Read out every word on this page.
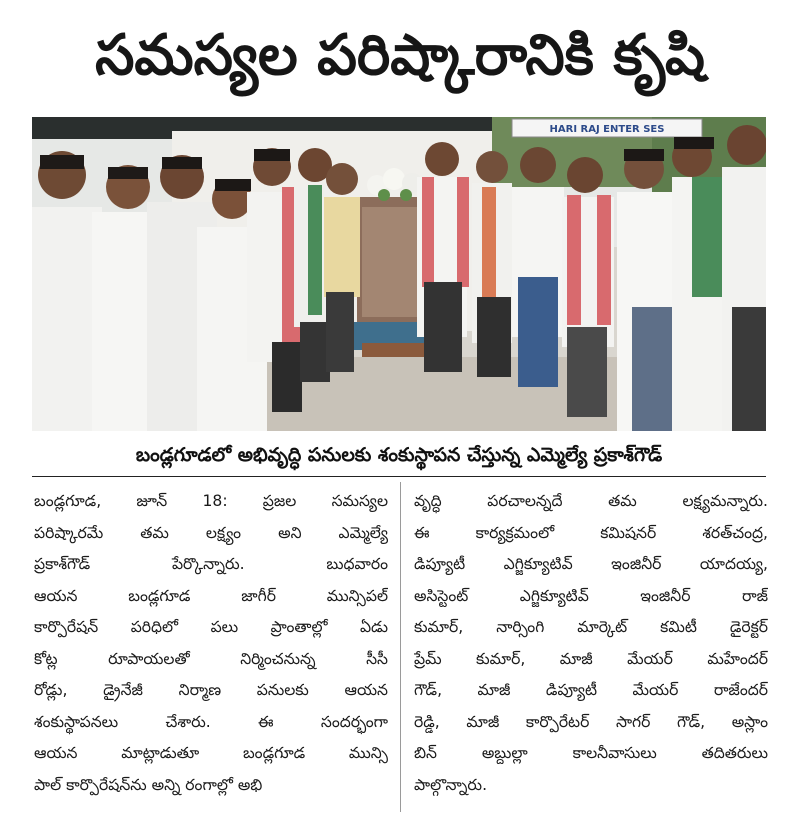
సమస్యల పరిష్కారానికి కృషి
HARI RAJ ENTER SES
బండ్లగూడలో అభివృద్ధి పనులకు శంకుస్థాపన చేస్తున్న ఎమ్మెల్యే ప్రకాశ్‌గౌడ్
బండ్లగూడ, జూన్ 18: ప్రజల సమస్యల
పరిష్కారమే తమ లక్ష్యం అని ఎమ్మెల్యే
ప్రకాశ్‌గౌడ్ పేర్కొన్నారు. బుధవారం
ఆయన బండ్లగూడ జాగీర్ మున్సిపల్
కార్పొరేషన్ పరిధిలో పలు ప్రాంతాల్లో ఏడు
కోట్ల రూపాయలతో నిర్మించనున్న సీసీ
రోడ్లు, డ్రైనేజీ నిర్మాణ పనులకు ఆయన
శంకుస్థాపనలు చేశారు. ఈ సందర్భంగా
ఆయన మాట్లాడుతూ బండ్లగూడ మున్సి
పాల్ కార్పొరేషన్‌ను అన్ని రంగాల్లో అభి
వృద్ధి పరచాలన్నదే తమ లక్ష్యమన్నారు.
ఈ కార్యక్రమంలో కమిషనర్ శరత్‌చంద్ర,
డిప్యూటీ ఎగ్జిక్యూటివ్ ఇంజినీర్ యాదయ్య,
అసిస్టెంట్ ఎగ్జిక్యూటివ్ ఇంజినీర్ రాజ్
కుమార్, నార్సింగి మార్కెట్ కమిటీ డైరెక్టర్
ప్రేమ్ కుమార్, మాజీ మేయర్ మహేందర్
గౌడ్, మాజీ డిప్యూటీ మేయర్ రాజేందర్
రెడ్డి, మాజీ కార్పొరేటర్ సాగర్ గౌడ్, అస్లాం
బిన్ అబ్దుల్లా కాలనీవాసులు తదితరులు
పాల్గొన్నారు.
